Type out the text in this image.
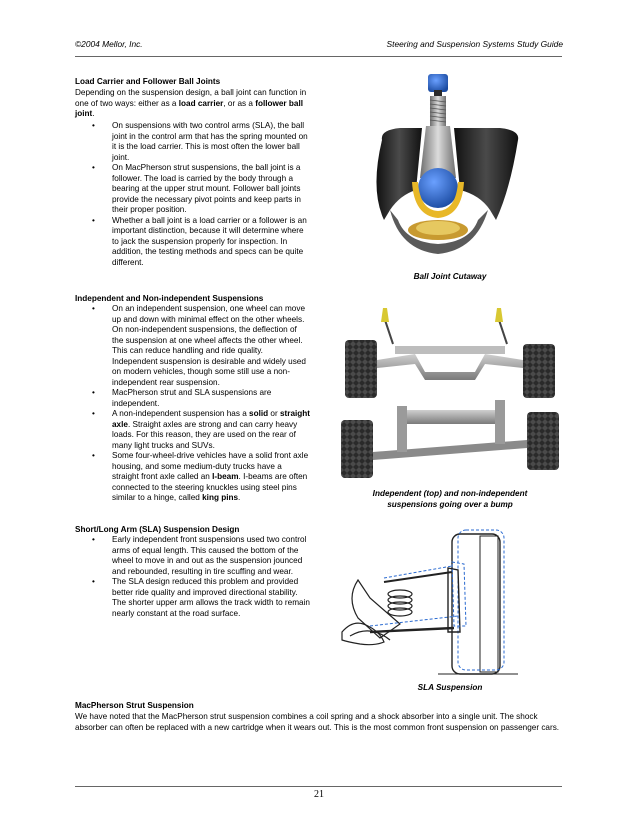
©2004 Mellor, Inc.	Steering and Suspension Systems Study Guide
Load Carrier and Follower Ball Joints
Depending on the suspension design, a ball joint can function in one of two ways: either as a load carrier, or as a follower ball joint.
• On suspensions with two control arms (SLA), the ball joint in the control arm that has the spring mounted on it is the load carrier. This is most often the lower ball joint.
• On MacPherson strut suspensions, the ball joint is a follower. The load is carried by the body through a bearing at the upper strut mount. Follower ball joints provide the necessary pivot points and keep parts in their proper position.
• Whether a ball joint is a load carrier or a follower is an important distinction, because it will determine where to jack the suspension properly for inspection. In addition, the testing methods and specs can be quite different.
Ball Joint Cutaway
Independent and Non-independent Suspensions
• On an independent suspension, one wheel can move up and down with minimal effect on the other wheels. On non-independent suspensions, the deflection of the suspension at one wheel affects the other wheel. This can reduce handling and ride quality. Independent suspension is desirable and widely used on modern vehicles, though some still use a non-independent rear suspension.
• MacPherson strut and SLA suspensions are independent.
• A non-independent suspension has a solid or straight axle. Straight axles are strong and can carry heavy loads. For this reason, they are used on the rear of many light trucks and SUVs.
• Some four-wheel-drive vehicles have a solid front axle housing, and some medium-duty trucks have a straight front axle called an I-beam. I-beams are often connected to the steering knuckles using steel pins similar to a hinge, called king pins.	Independent (top) and non-independent
suspensions going over a bump
Short/Long Arm (SLA) Suspension Design
• Early independent front suspensions used two control arms of equal length. This caused the bottom of the wheel to move in and out as the suspension jounced and rebounded, resulting in tire scuffing and wear.
• The SLA design reduced this problem and provided better ride quality and improved directional stability. The shorter upper arm allows the track width to remain nearly constant at the road surface.
SLA Suspension
MacPherson Strut Suspension
We have noted that the MacPherson strut suspension combines a coil spring and a shock absorber into a single unit. The shock absorber can often be replaced with a new cartridge when it wears out. This is the most common front suspension on passenger cars.
21
